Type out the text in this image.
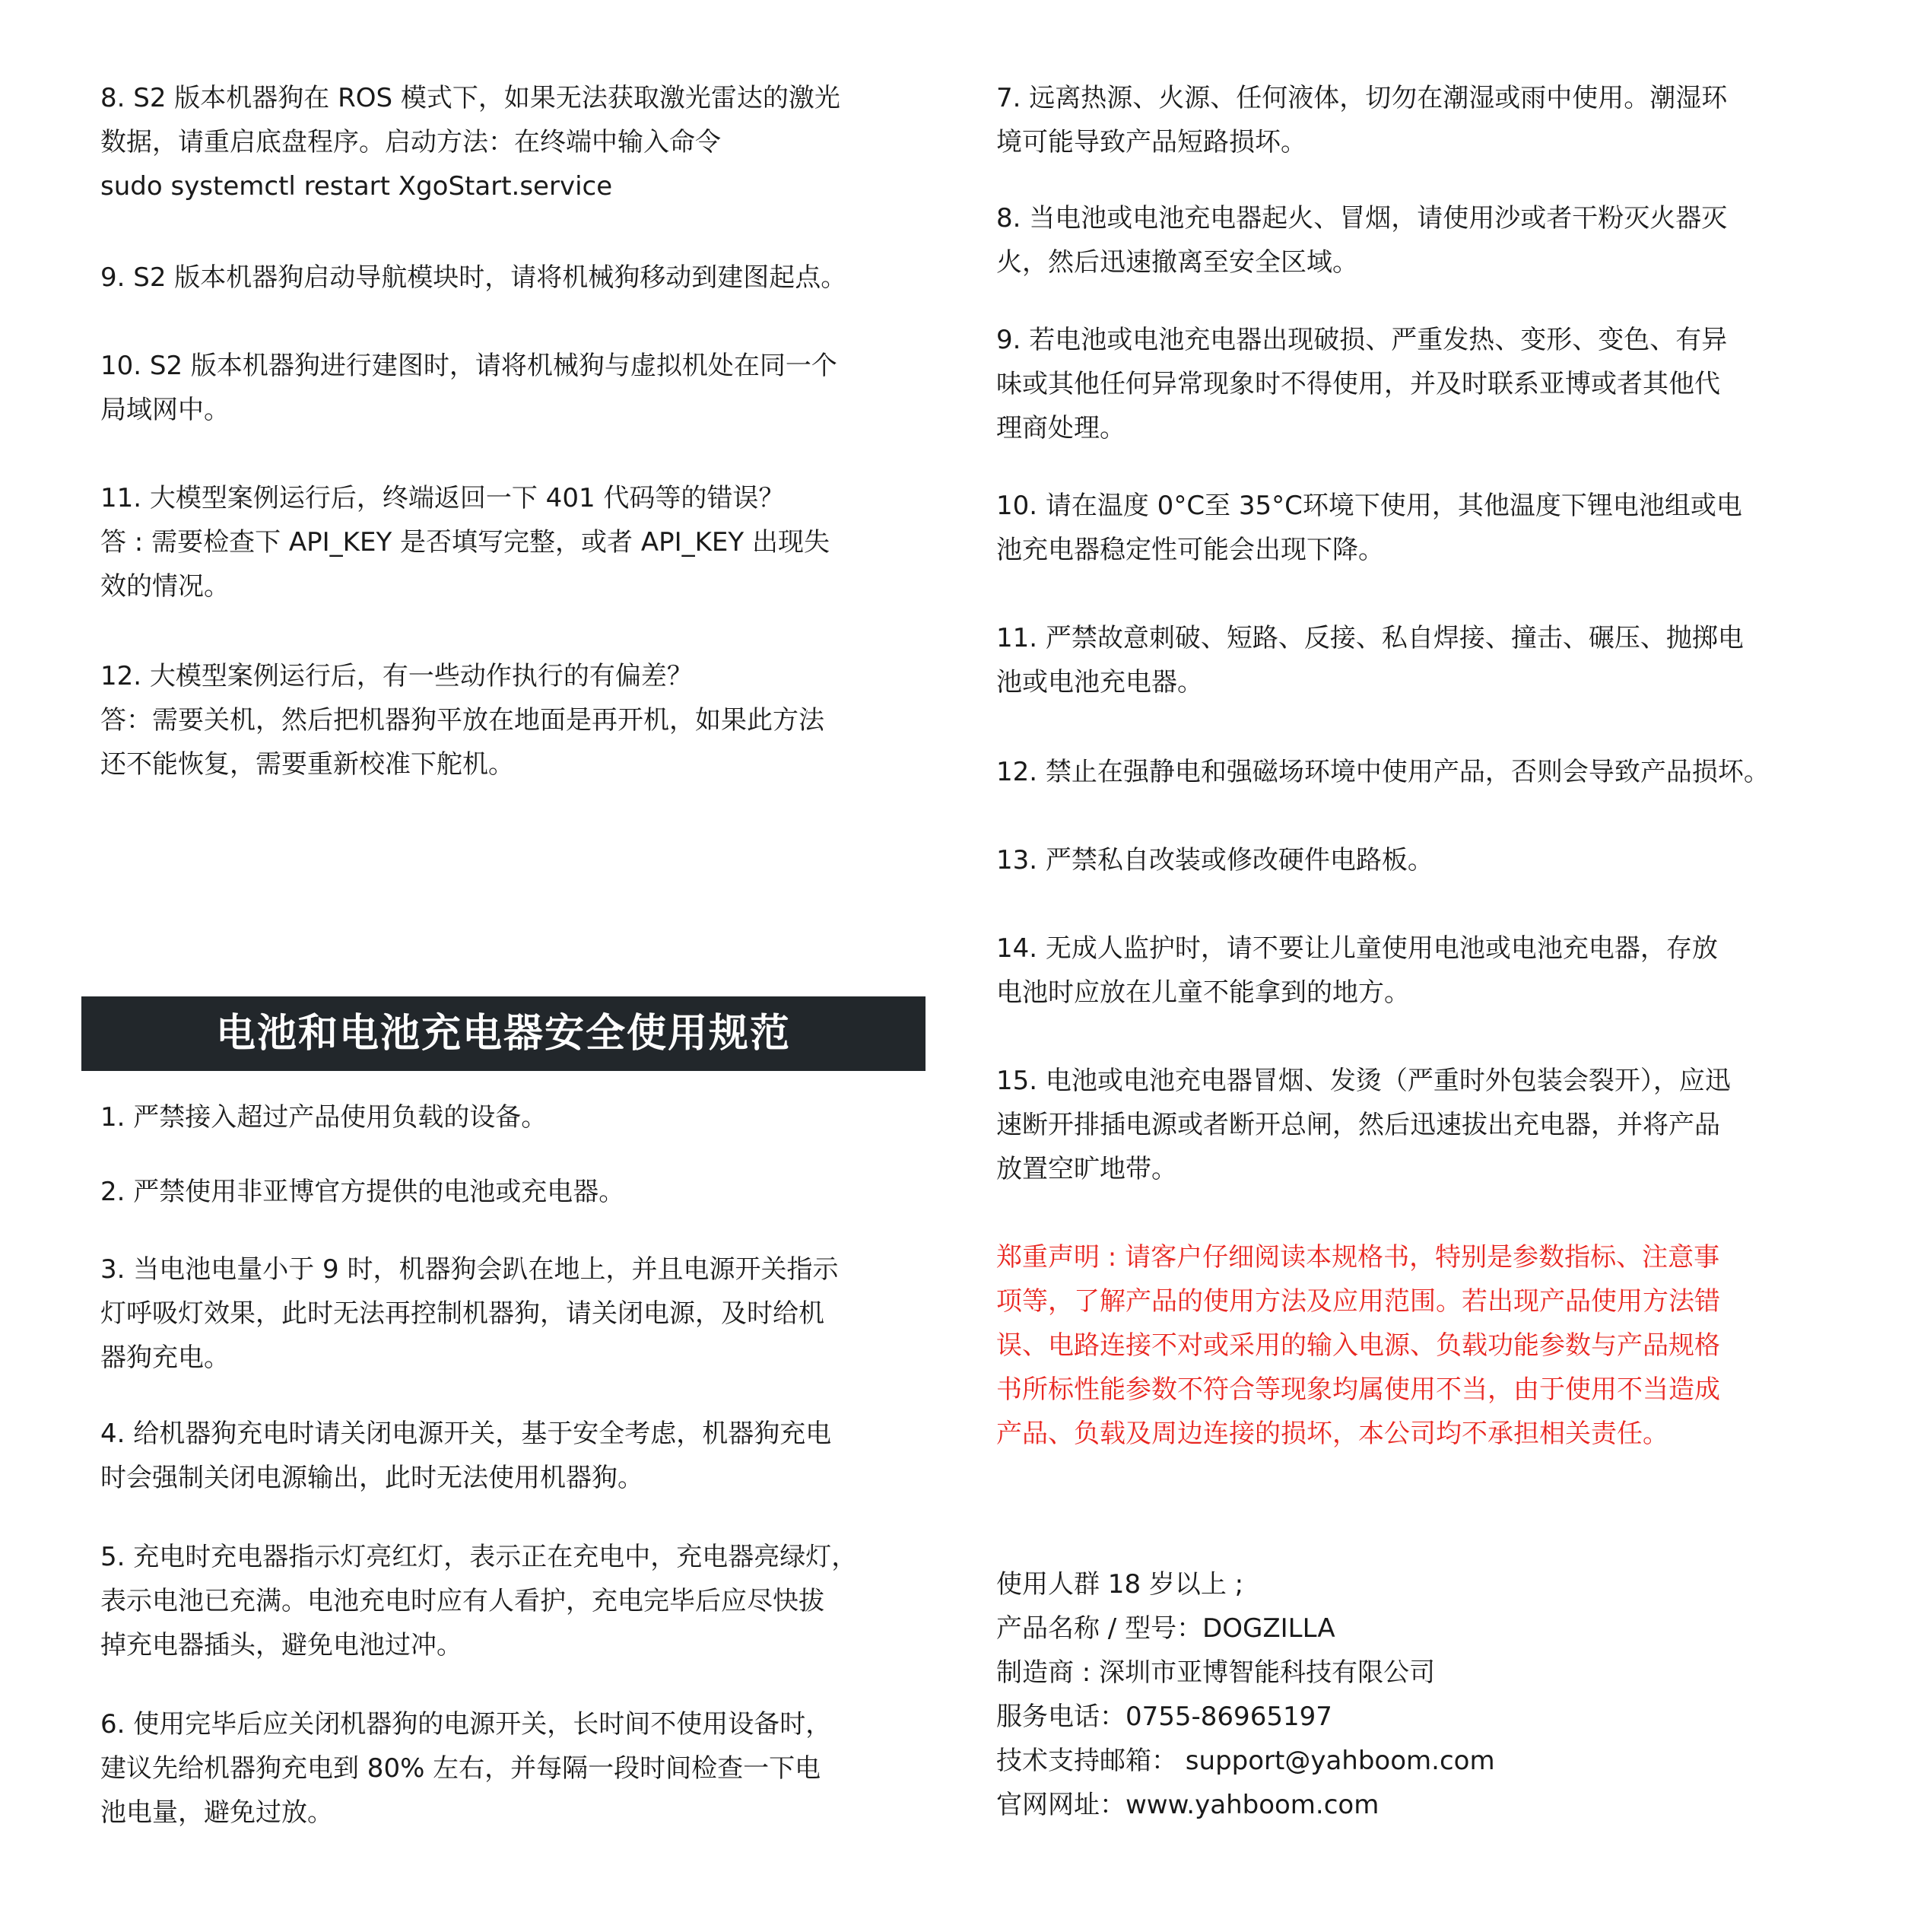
8. S2 版本机器狗在 ROS 模式下，如果无法获取激光雷达的激光
数据，请重启底盘程序。启动方法：在终端中输入命令
sudo systemctl restart XgoStart.service
9. S2 版本机器狗启动导航模块时，请将机械狗移动到建图起点。
10. S2 版本机器狗进行建图时，请将机械狗与虚拟机处在同一个
局域网中。
11. 大模型案例运行后，终端返回一下 401 代码等的错误？
答 : 需要检查下 API_KEY 是否填写完整，或者 API_KEY 出现失
效的情况。
12. 大模型案例运行后，有一些动作执行的有偏差？
答：需要关机，然后把机器狗平放在地面是再开机，如果此方法
还不能恢复，需要重新校准下舵机。
1. 严禁接入超过产品使用负载的设备。
2. 严禁使用非亚博官方提供的电池或充电器。
3. 当电池电量小于 9 时，机器狗会趴在地上，并且电源开关指示
灯呼吸灯效果，此时无法再控制机器狗，请关闭电源，及时给机
器狗充电。
4. 给机器狗充电时请关闭电源开关，基于安全考虑，机器狗充电
时会强制关闭电源输出，此时无法使用机器狗。
5. 充电时充电器指示灯亮红灯，表示正在充电中，充电器亮绿灯，
表示电池已充满。电池充电时应有人看护，充电完毕后应尽快拔
掉充电器插头，避免电池过冲。
6. 使用完毕后应关闭机器狗的电源开关，长时间不使用设备时，
建议先给机器狗充电到 80% 左右，并每隔一段时间检查一下电
池电量，避免过放。
电池和电池充电器安全使用规范
7. 远离热源、火源、任何液体，切勿在潮湿或雨中使用。潮湿环
境可能导致产品短路损坏。
8. 当电池或电池充电器起火、冒烟，请使用沙或者干粉灭火器灭
火，然后迅速撤离至安全区域。
9. 若电池或电池充电器出现破损、严重发热、变形、变色、有异
味或其他任何异常现象时不得使用，并及时联系亚博或者其他代
理商处理。
10. 请在温度 0°C至 35°C环境下使用，其他温度下锂电池组或电
池充电器稳定性可能会出现下降。
11. 严禁故意刺破、短路、反接、私自焊接、撞击、碾压、抛掷电
池或电池充电器。
12. 禁止在强静电和强磁场环境中使用产品，否则会导致产品损坏。
13. 严禁私自改装或修改硬件电路板。
14. 无成人监护时，请不要让儿童使用电池或电池充电器，存放
电池时应放在儿童不能拿到的地方。
15. 电池或电池充电器冒烟、发烫（严重时外包装会裂开），应迅
速断开排插电源或者断开总闸，然后迅速拔出充电器，并将产品
放置空旷地带。
郑重声明 : 请客户仔细阅读本规格书，特别是参数指标、注意事
项等，了解产品的使用方法及应用范围。若出现产品使用方法错
误、电路连接不对或采用的输入电源、负载功能参数与产品规格
书所标性能参数不符合等现象均属使用不当，由于使用不当造成
产品、负载及周边连接的损坏，本公司均不承担相关责任。
使用人群 18 岁以上 ;
产品名称 / 型号：DOGZILLA
制造商 : 深圳市亚博智能科技有限公司
服务电话：0755-86965197
技术支持邮箱： support@yahboom.com
官网网址：www.yahboom.com
